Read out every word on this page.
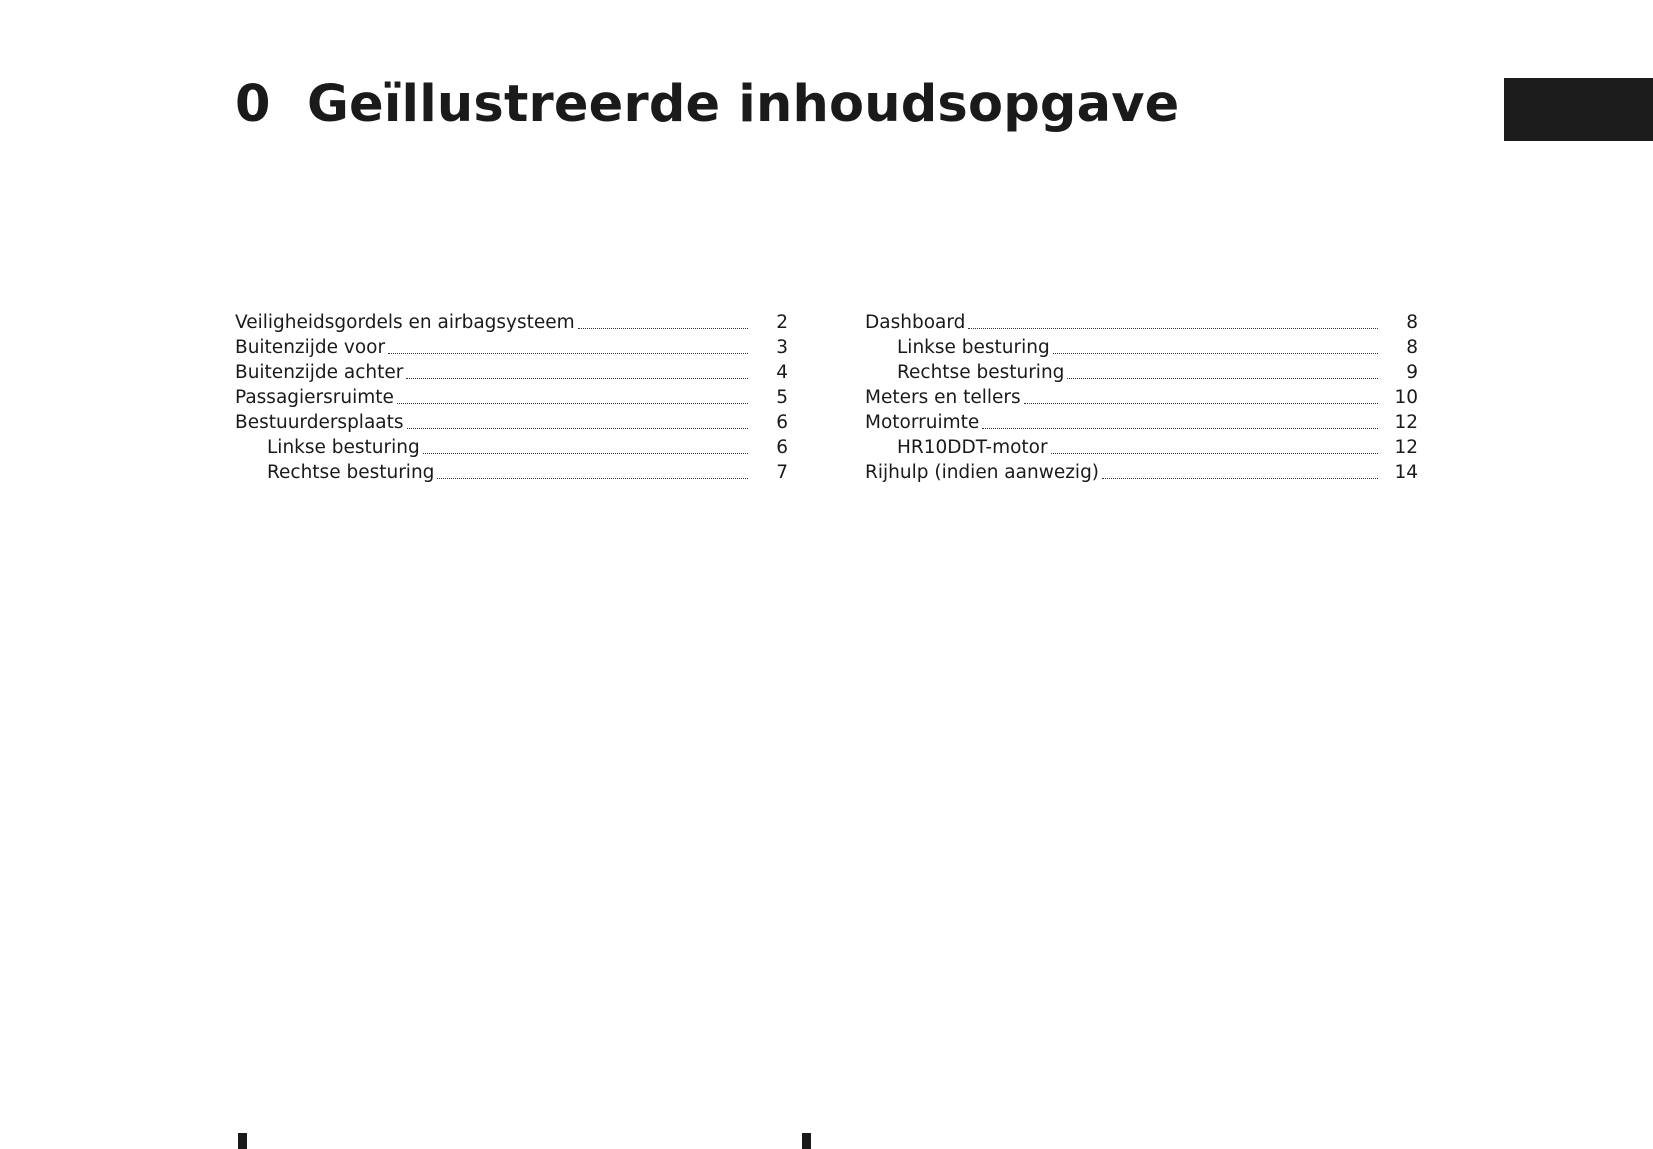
0 Geïllustreerde inhoudsopgave
Veiligheidsgordels en airbagsysteem	2
Buitenzijde voor	3
Buitenzijde achter	4
Passagiersruimte	5
Bestuurdersplaats	6
Linkse besturing	6
Rechtse besturing	7
Dashboard	8
Linkse besturing	8
Rechtse besturing	9
Meters en tellers	10
Motorruimte	12
HR10DDT-motor	12
Rijhulp (indien aanwezig)	14
